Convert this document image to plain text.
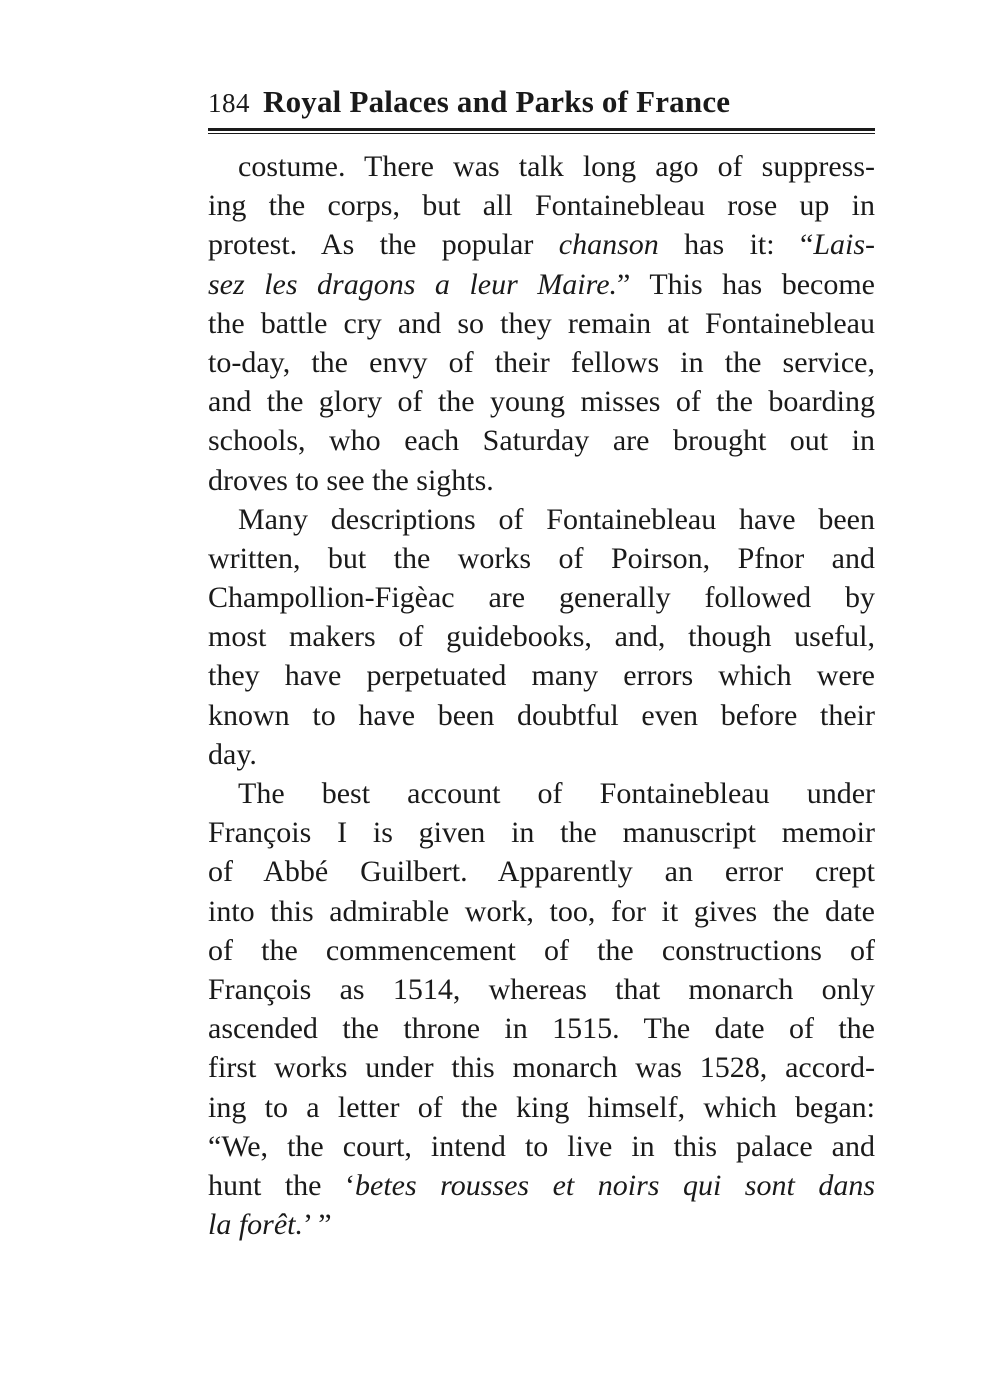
184 Royal Palaces and Parks of France
costume. There was talk long ago of suppress-
ing the corps, but all Fontainebleau rose up in
protest. As the popular chanson has it: “Lais-
sez les dragons a leur Maire.” This has become
the battle cry and so they remain at Fontainebleau
to-day, the envy of their fellows in the service,
and the glory of the young misses of the boarding
schools, who each Saturday are brought out in
droves to see the sights.
Many descriptions of Fontainebleau have been
written, but the works of Poirson, Pfnor and
Champollion-Figèac are generally followed by
most makers of guidebooks, and, though useful,
they have perpetuated many errors which were
known to have been doubtful even before their
day.
The best account of Fontainebleau under
François I is given in the manuscript memoir
of Abbé Guilbert. Apparently an error crept
into this admirable work, too, for it gives the date
of the commencement of the constructions of
François as 1514, whereas that monarch only
ascended the throne in 1515. The date of the
first works under this monarch was 1528, accord-
ing to a letter of the king himself, which began:
“We, the court, intend to live in this palace and
hunt the ‘betes rousses et noirs qui sont dans
la forêt.’ ”
